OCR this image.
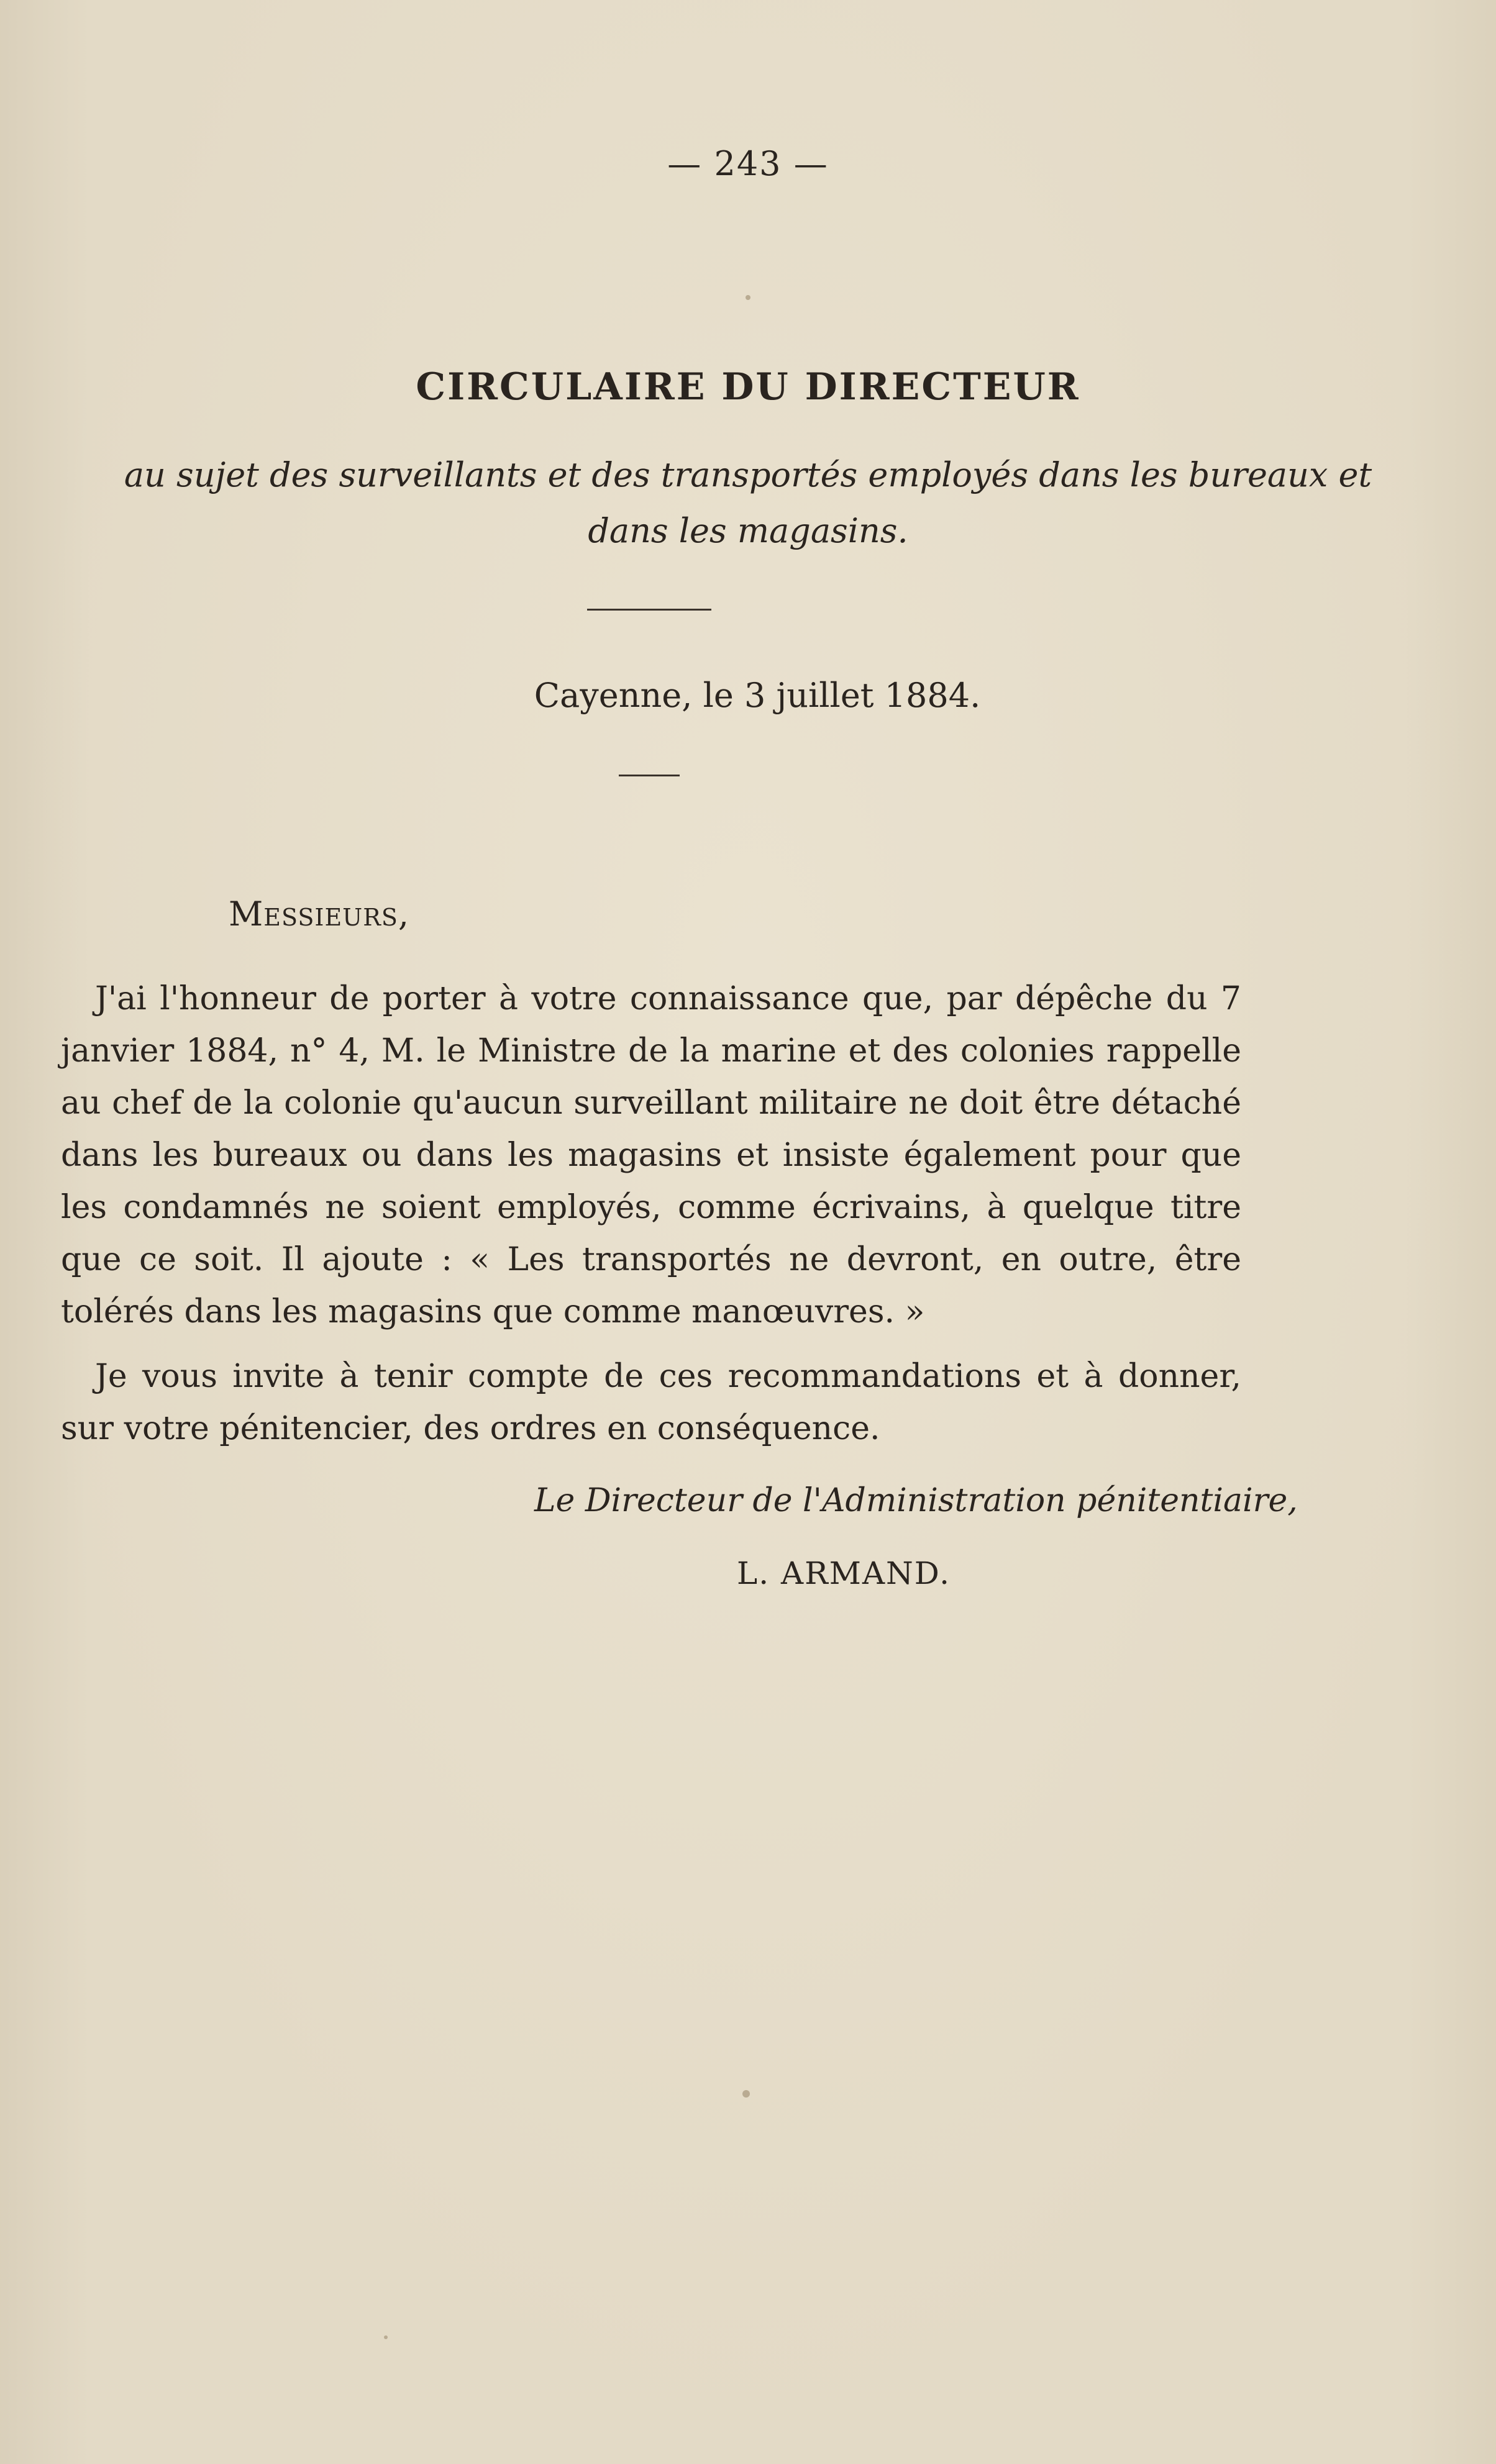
— 243 —
CIRCULAIRE DU DIRECTEUR
au sujet des surveillants et des transportés employés dans les bureaux et dans les magasins.
Cayenne, le 3 juillet 1884.
Messieurs,

J'ai l'honneur de porter à votre connaissance que, par dépêche du 7 janvier 1884, n° 4, M. le Ministre de la marine et des colonies rappelle au chef de la colonie qu'aucun surveillant militaire ne doit être détaché dans les bureaux ou dans les magasins et insiste également pour que les condamnés ne soient employés, comme écrivains, à quelque titre que ce soit. Il ajoute : « Les transportés ne devront, en outre, être tolérés dans les magasins que comme manœuvres. »

Je vous invite à tenir compte de ces recommandations et à donner, sur votre pénitencier, des ordres en conséquence.

Le Directeur de l'Administration pénitentiaire,
L. ARMAND.
